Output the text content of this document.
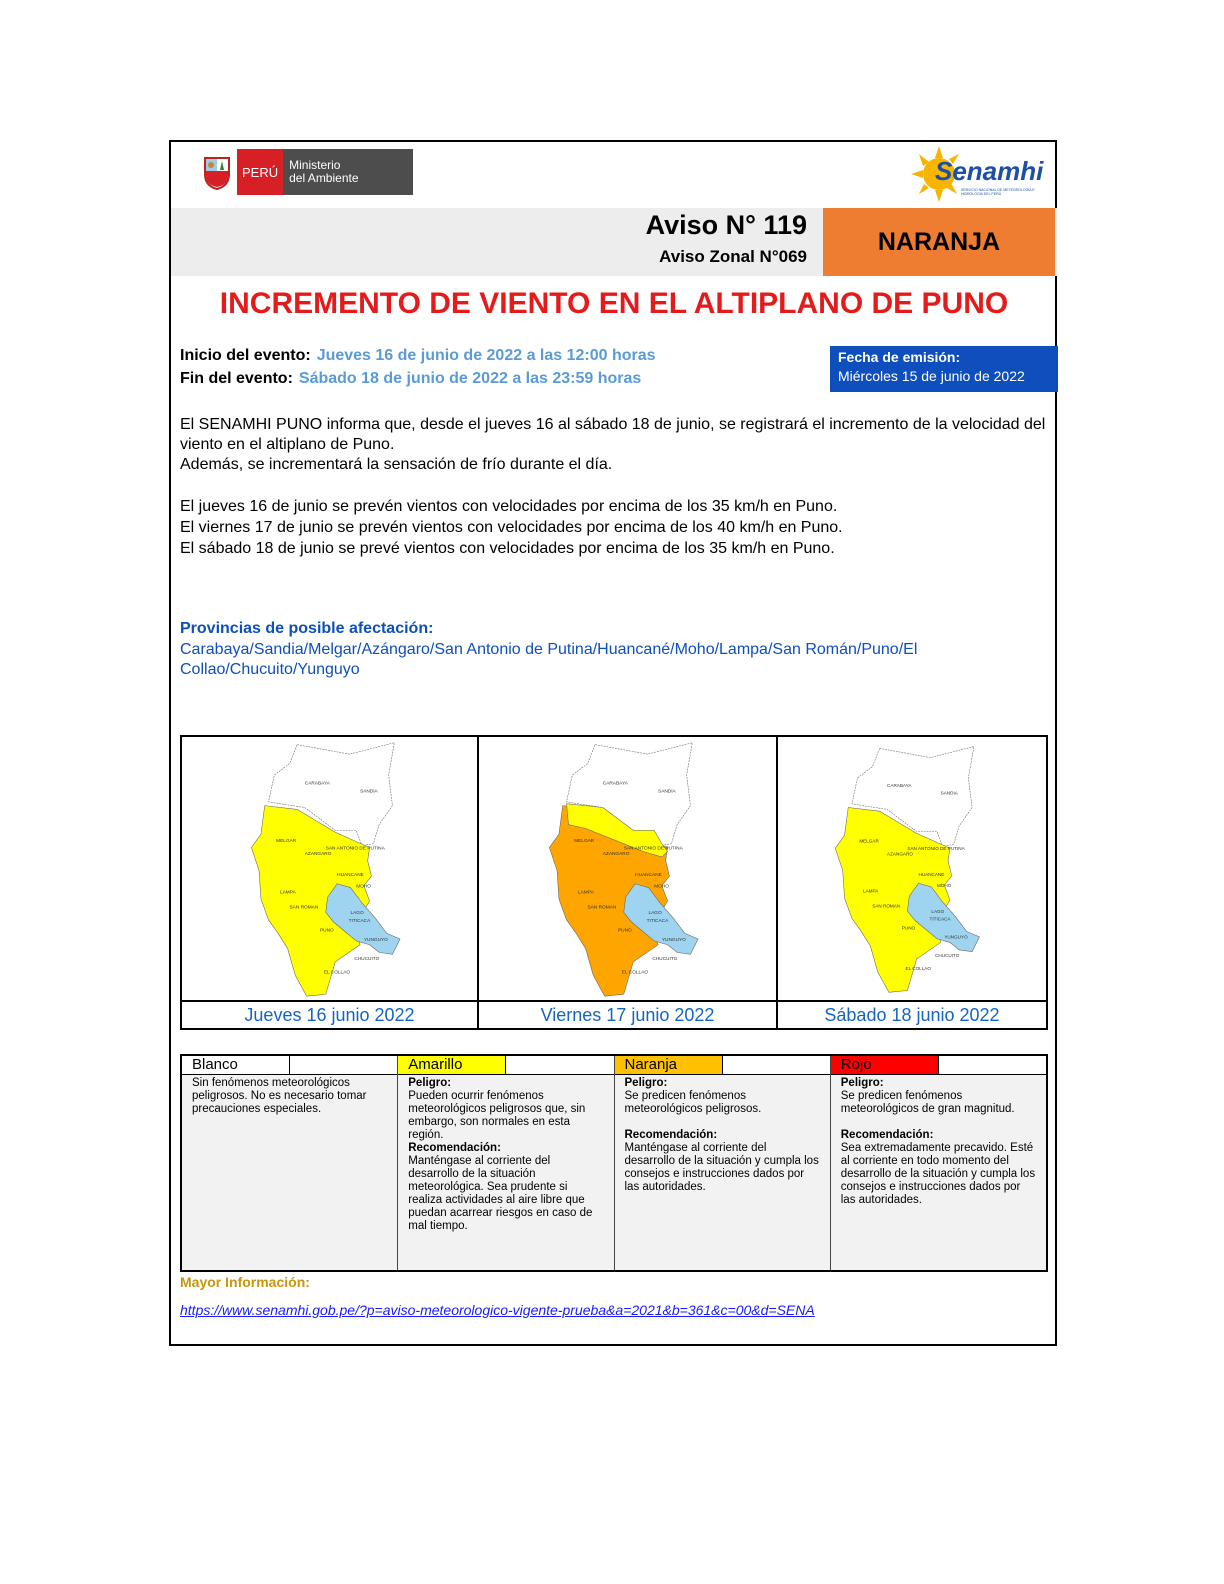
PERÚ Ministerio
del Ambiente	Senamhi
SERVICIO NACIONAL DE METEOROLOGÍA E HIDROLOGÍA DEL PERÚ
Aviso N° 119
Aviso Zonal N°069
NARANJA
INCREMENTO DE VIENTO EN EL ALTIPLANO DE PUNO
Inicio del evento: Jueves 16 de junio de 2022 a las 12:00 horas
Fin del evento: Sábado 18 de junio de 2022 a las 23:59 horas
Fecha de emisión:
Miércoles 15 de junio de 2022
El SENAMHI PUNO informa que, desde el jueves 16 al sábado 18 de junio, se registrará el incremento de la velocidad del viento en el altiplano de Puno.
Además, se incrementará la sensación de frío durante el día.
El jueves 16 de junio se prevén vientos con velocidades por encima de los 35 km/h en Puno.
El viernes 17 de junio se prevén vientos con velocidades por encima de los 40 km/h en Puno.
El sábado 18 de junio se prevé vientos con velocidades por encima de los 35 km/h en Puno.
Provincias de posible afectación:
Carabaya/Sandia/Melgar/Azángaro/San Antonio de Putina/Huancané/Moho/Lampa/San Román/Puno/El Collao/Chucuito/Yunguyo
CARABAYA
SANDIA
MELGAR
AZANGARO
SAN ANTONIO DE PUTINA
HUANCANE
MOHO
LAMPA
SAN ROMAN
LAGO
TITICACA
PUNO
YUNGUYO
CHUCUITO
EL COLLAO
Jueves 16 junio 2022
CARABAYA
SANDIA
MELGAR
AZANGARO
SAN ANTONIO DE PUTINA
HUANCANE
MOHO
LAMPA
SAN ROMAN
LAGO
TITICACA
PUNO
YUNGUYO
CHUCUITO
EL COLLAO
Viernes 17 junio 2022
CARABAYA
SANDIA
MELGAR
AZANGARO
SAN ANTONIO DE PUTINA
HUANCANE
MOHO
LAMPA
SAN ROMAN
LAGO
TITICACA
PUNO
YUNGUYO
CHUCUITO
EL COLLAO
Sábado 18 junio 2022
Blanco
Sin fenómenos meteorológicos peligrosos. No es necesario tomar precauciones especiales.
Amarillo
Peligro:
Pueden ocurrir fenómenos meteorológicos peligrosos que, sin embargo, son normales en esta región.
Recomendación:
Manténgase al corriente del desarrollo de la situación meteorológica. Sea prudente si realiza actividades al aire libre que puedan acarrear riesgos en caso de mal tiempo.
Naranja
Peligro:
Se predicen fenómenos meteorológicos peligrosos.
Recomendación:
Manténgase al corriente del desarrollo de la situación y cumpla los consejos e instrucciones dados por las autoridades.
Rojo
Peligro:
Se predicen fenómenos meteorológicos de gran magnitud.
Recomendación:
Sea extremadamente precavido. Esté al corriente en todo momento del desarrollo de la situación y cumpla los consejos e instrucciones dados por las autoridades.
Mayor Información:
https://www.senamhi.gob.pe/?p=aviso-meteorologico-vigente-prueba&a=2021&b=361&c=00&d=SENA
